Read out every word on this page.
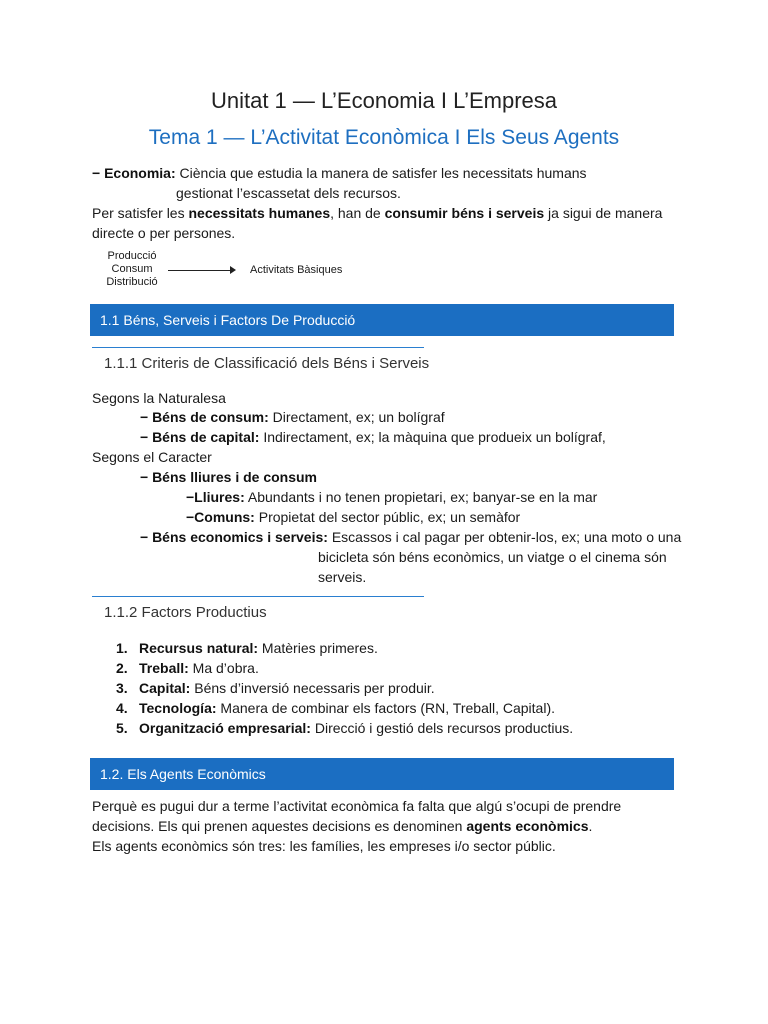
Unitat 1 — L’Economia I L’Empresa
Tema 1 — L’Activitat Econòmica I Els Seus Agents
− Economia: Ciència que estudia la manera de satisfer les necessitats humans
gestionat l’escassetat dels recursos.
Per satisfer les necessitats humanes, han de consumir béns i serveis ja sigui de manera
directe o per persones.
Producció
Consum
Distribució
Activitats Bàsiques
1.1 Béns, Serveis i Factors De Producció
1.1.1 Criteris de Classificació dels Béns i Serveis
Segons la Naturalesa
− Béns de consum: Directament, ex; un bolígraf
− Béns de capital: Indirectament, ex; la màquina que produeix un bolígraf,
Segons el Caracter
− Béns lliures i de consum
−Lliures: Abundants i no tenen propietari, ex; banyar-se en la mar
−Comuns: Propietat del sector públic, ex; un semàfor
− Béns economics i serveis: Escassos i cal pagar per obtenir-los, ex; una moto o una
bicicleta són béns econòmics, un viatge o el cinema són
serveis.
1.1.2 Factors Productius
1. Recursus natural: Matèries primeres.
2. Treball: Ma d’obra.
3. Capital: Béns d’inversió necessaris per produir.
4. Tecnología: Manera de combinar els factors (RN, Treball, Capital).
5. Organització empresarial: Direcció i gestió dels recursos productius.
1.2. Els Agents Econòmics
Perquè es pugui dur a terme l’activitat econòmica fa falta que algú s’ocupi de prendre
decisions. Els qui prenen aquestes decisions es denominen agents econòmics.
Els agents econòmics són tres: les famílies, les empreses i/o sector públic.
